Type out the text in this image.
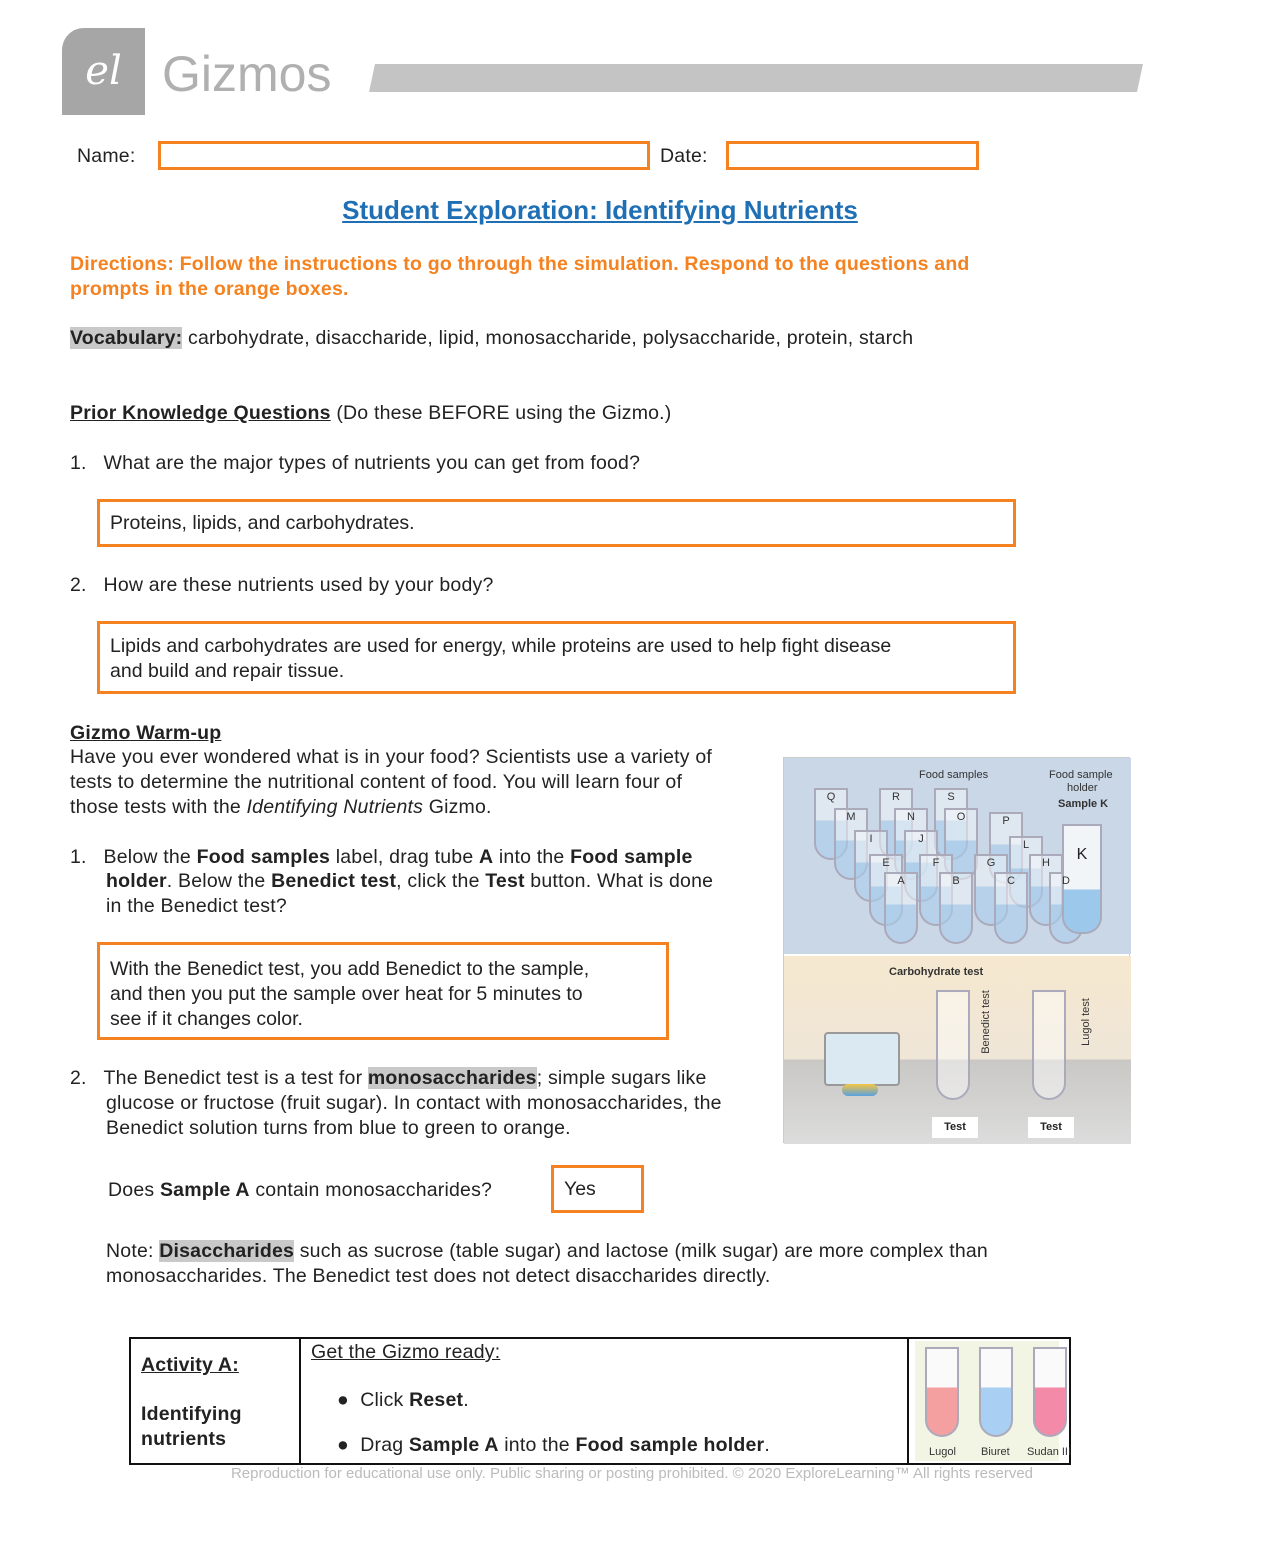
el Gizmos
Name:	Date:
Student Exploration: Identifying Nutrients
Directions: Follow the instructions to go through the simulation. Respond to the questions and
prompts in the orange boxes.
Vocabulary: carbohydrate, disaccharide, lipid, monosaccharide, polysaccharide, protein, starch
Prior Knowledge Questions (Do these BEFORE using the Gizmo.)
1. What are the major types of nutrients you can get from food?
Proteins, lipids, and carbohydrates.
2. How are these nutrients used by your body?
Lipids and carbohydrates are used for energy, while proteins are used to help fight disease
and build and repair tissue.
Gizmo Warm-up
Have you ever wondered what is in your food? Scientists use a variety of
tests to determine the nutritional content of food. You will learn four of
those tests with the Identifying Nutrients Gizmo.
1. Below the Food samples label, drag tube A into the Food sample
holder. Below the Benedict test, click the Test button. What is done
in the Benedict test?
With the Benedict test, you add Benedict to the sample,
and then you put the sample over heat for 5 minutes to
see if it changes color.
2. The Benedict test is a test for monosaccharides; simple sugars like
glucose or fructose (fruit sugar). In contact with monosaccharides, the
Benedict solution turns from blue to green to orange.
Does Sample A contain monosaccharides?	Yes
Note: Disaccharides such as sucrose (table sugar) and lactose (milk sugar) are more complex than
monosaccharides. The Benedict test does not detect disaccharides directly.
Q	R	S
M	N	O	P
I	J	L
E	F	G	H
A	B	C	D
Food samples	Food sample
holder
Sample K
K
Carbohydrate test
Benedict test	Lugol test
Test	Test
Activity A:
Identifying
nutrients
Get the Gizmo ready:
●  Click Reset.
●  Drag Sample A into the Food sample holder.	Lugol Biuret Sudan III
Reproduction for educational use only. Public sharing or posting prohibited. © 2020 ExploreLearning™ All rights reserved
